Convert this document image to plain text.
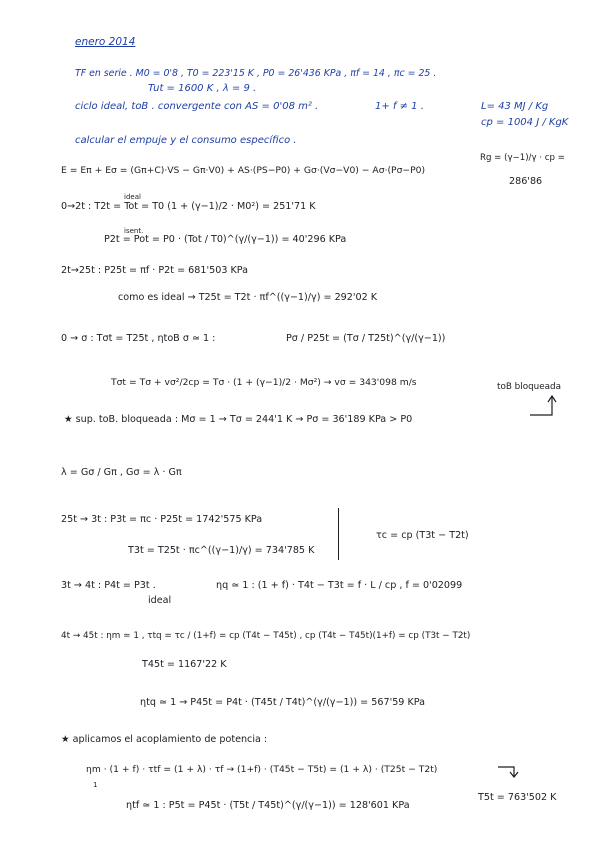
enero 2014
TF en serie . M0 = 0'8 , T0 = 223'15 K , P0 = 26'436 KPa , πf = 14 , πc = 25 .
Tut = 1600 K , λ = 9 .
ciclo ideal, toB . convergente con AS = 0'08 m² .	1+ f ≠ 1 .	L= 43 MJ / Kg
cp = 1004 J / KgK
calcular el empuje y el consumo específico .
Rg = (γ−1)/γ · cp =
286'86
E = Eπ + Eσ = (Gπ+C)·VS − Gπ·V0) + AS·(PS−P0) + Gσ·(Vσ−V0) − Aσ·(Pσ−P0)
ideal
0→2t : T2t = Tot = T0 (1 + (γ−1)/2 · M0²) = 251'71 K
isent.
P2t = Pot = P0 · (Tot / T0)^(γ/(γ−1)) = 40'296 KPa
2t→25t : P25t = πf · P2t = 681'503 KPa
como es ideal → T25t = T2t · πf^((γ−1)/γ) = 292'02 K
0 → σ : Tσt = T25t , ηtoB σ ≃ 1 :	Pσ / P25t = (Tσ / T25t)^(γ/(γ−1))
Tσt = Tσ + vσ²/2cp = Tσ · (1 + (γ−1)/2 · Mσ²) → vσ = 343'098 m/s	toB bloqueada
★ sup. toB. bloqueada : Mσ = 1 → Tσ = 244'1 K → Pσ = 36'189 KPa > P0
λ = Gσ / Gπ , Gσ = λ · Gπ
25t → 3t : P3t = πc · P25t = 1742'575 KPa
T3t = T25t · πc^((γ−1)/γ) = 734'785 K
τc = cp (T3t − T2t)
3t → 4t : P4t = P3t .
ideal
ηq ≃ 1 : (1 + f) · T4t − T3t = f · L / cp , f = 0'02099
4t → 45t : ηm ≃ 1 , τtq = τc / (1+f) = cp (T4t − T45t) , cp (T4t − T45t)(1+f) = cp (T3t − T2t)
T45t = 1167'22 K
ηtq ≃ 1 → P45t = P4t · (T45t / T4t)^(γ/(γ−1)) = 567'59 KPa
★ aplicamos el acoplamiento de potencia :
ηm · (1 + f) · τtf = (1 + λ) · τf → (1+f) · (T45t − T5t) = (1 + λ) · (T25t − T2t)
1
ηtf ≃ 1 : P5t = P45t · (T5t / T45t)^(γ/(γ−1)) = 128'601 KPa
T5t = 763'502 K
